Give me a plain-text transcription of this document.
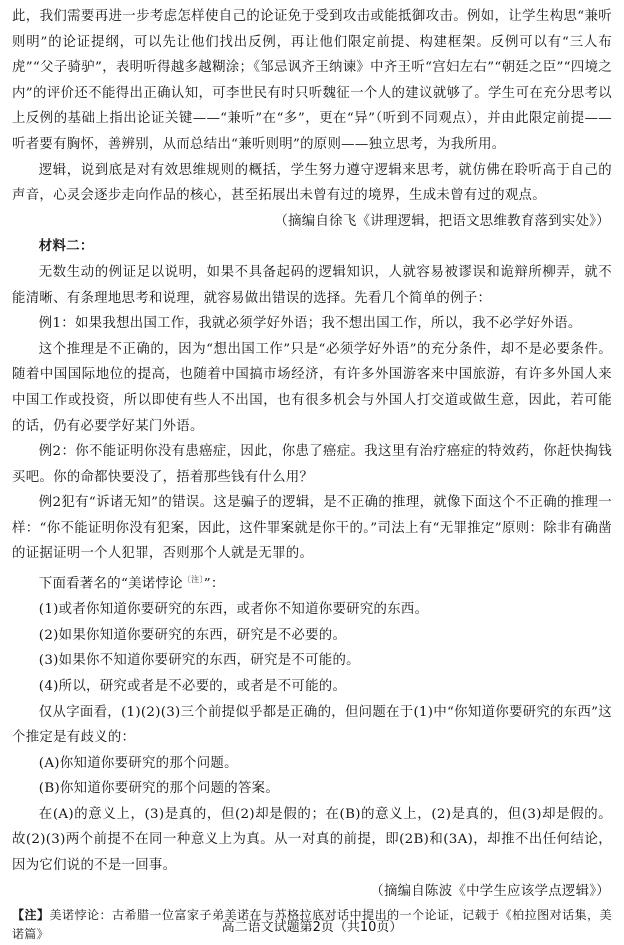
此，我们需要再进一步考虑怎样使自己的论证免于受到攻击或能抵御攻击。例如，让学生构思“兼听则明”的论证提纲，可以先让他们找出反例，再让他们限定前提、构建框架。反例可以有“三人布虎”“父子骑驴”，表明听得越多越糊涂；《邹忌讽齐王纳谏》中齐王听“宫妇左右”“朝廷之臣”“四境之内”的评价还不能得出正确认知，可李世民有时只听魏征一个人的建议就够了。学生可在充分思考以上反例的基础上指出论证关键——“兼听”在“多”，更在“异”（听到不同观点），并由此限定前提——听者要有胸怀，善辨别，从而总结出“兼听则明”的原则——独立思考，为我所用。

逻辑，说到底是对有效思维规则的概括，学生努力遵守逻辑来思考，就仿佛在聆听高于自己的声音，心灵会逐步走向作品的核心，甚至拓展出未曾有过的境界，生成未曾有过的观点。

（摘编自徐飞《讲理逻辑，把语文思维教育落到实处》）

材料二：

无数生动的例证足以说明，如果不具备起码的逻辑知识，人就容易被谬误和诡辩所柳弄，就不能清晰、有条理地思考和说理，就容易做出错误的选择。先看几个简单的例子：

例1：如果我想出国工作，我就必须学好外语；我不想出国工作，所以，我不必学好外语。

这个推理是不正确的，因为“想出国工作”只是“必须学好外语”的充分条件，却不是必要条件。随着中国国际地位的提高，也随着中国搞市场经济，有许多外国游客来中国旅游，有许多外国人来中国工作或投资，所以即使有些人不出国，也有很多机会与外国人打交道或做生意，因此，若可能的话，仍有必要学好某门外语。

例2：你不能证明你没有患癌症，因此，你患了癌症。我这里有治疗癌症的特效药，你赶快掏钱买吧。你的命都快要没了，捂着那些钱有什么用？

例2犯有“诉诸无知”的错误。这是骗子的逻辑，是不正确的推理，就像下面这个不正确的推理一样：“你不能证明你没有犯案，因此，这件罪案就是你干的。”司法上有“无罪推定”原则：除非有确凿的证据证明一个人犯罪，否则那个人就是无罪的。

下面看著名的“美诺悖论$^{〔注〕}$”：

(1)或者你知道你要研究的东西，或者你不知道你要研究的东西。

(2)如果你知道你要研究的东西，研究是不必要的。

(3)如果你不知道你要研究的东西，研究是不可能的。

(4)所以，研究或者是不必要的，或者是不可能的。

仅从字面看，(1)(2)(3)三个前提似乎都是正确的，但问题在于(1)中“你知道你要研究的东西”这个推定是有歧义的：

(A)你知道你要研究的那个问题。

(B)你知道你要研究的那个问题的答案。

在(A)的意义上，(3)是真的，但(2)却是假的；在(B)的意义上，(2)是真的，但(3)却是假的。故(2)(3)两个前提不在同一种意义上为真。从一对真的前提，即(2B)和(3A)，却推不出任何结论，因为它们说的不是一回事。

（摘编自陈波《中学生应该学点逻辑》）

【注】美诺悖论：古希腊一位富家子弟美诺在与苏格拉底对话中提出的一个论证，记载于《柏拉图对话集，美诺篇》	高二语文试题第2页（共10页）
